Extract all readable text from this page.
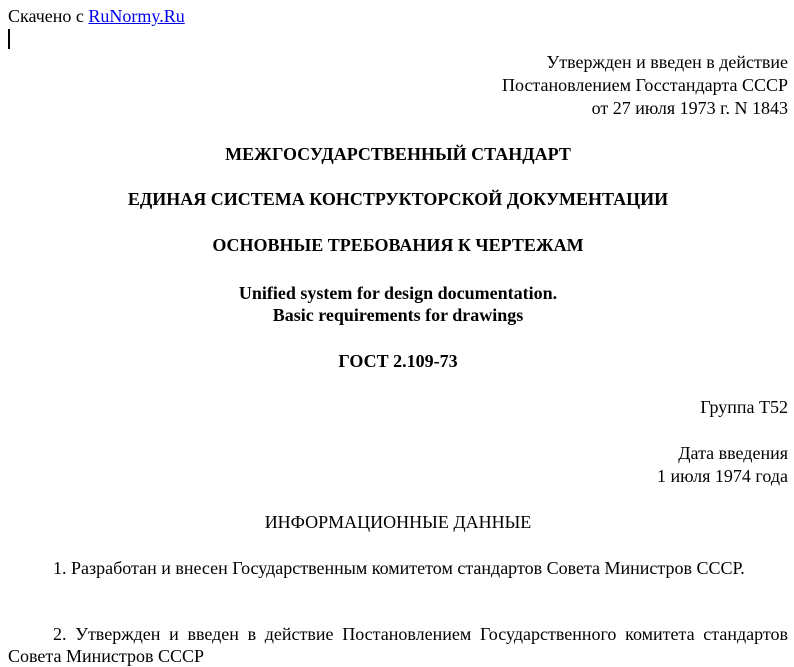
Скачено с RuNormy.Ru
Утвержден и введен в действие
Постановлением Госстандарта СССР
от 27 июля 1973 г. N 1843
МЕЖГОСУДАРСТВЕННЫЙ СТАНДАРТ
ЕДИНАЯ СИСТЕМА КОНСТРУКТОРСКОЙ ДОКУМЕНТАЦИИ
ОСНОВНЫЕ ТРЕБОВАНИЯ К ЧЕРТЕЖАМ
Unified system for design documentation.
Basic requirements for drawings
ГОСТ 2.109-73
Группа Т52
Дата введения
1 июля 1974 года
ИНФОРМАЦИОННЫЕ ДАННЫЕ
1. Разработан и внесен Государственным комитетом стандартов Совета Министров СССР.
2. Утвержден и введен в действие Постановлением Государственного комитета стандартов Совета Министров СССР
